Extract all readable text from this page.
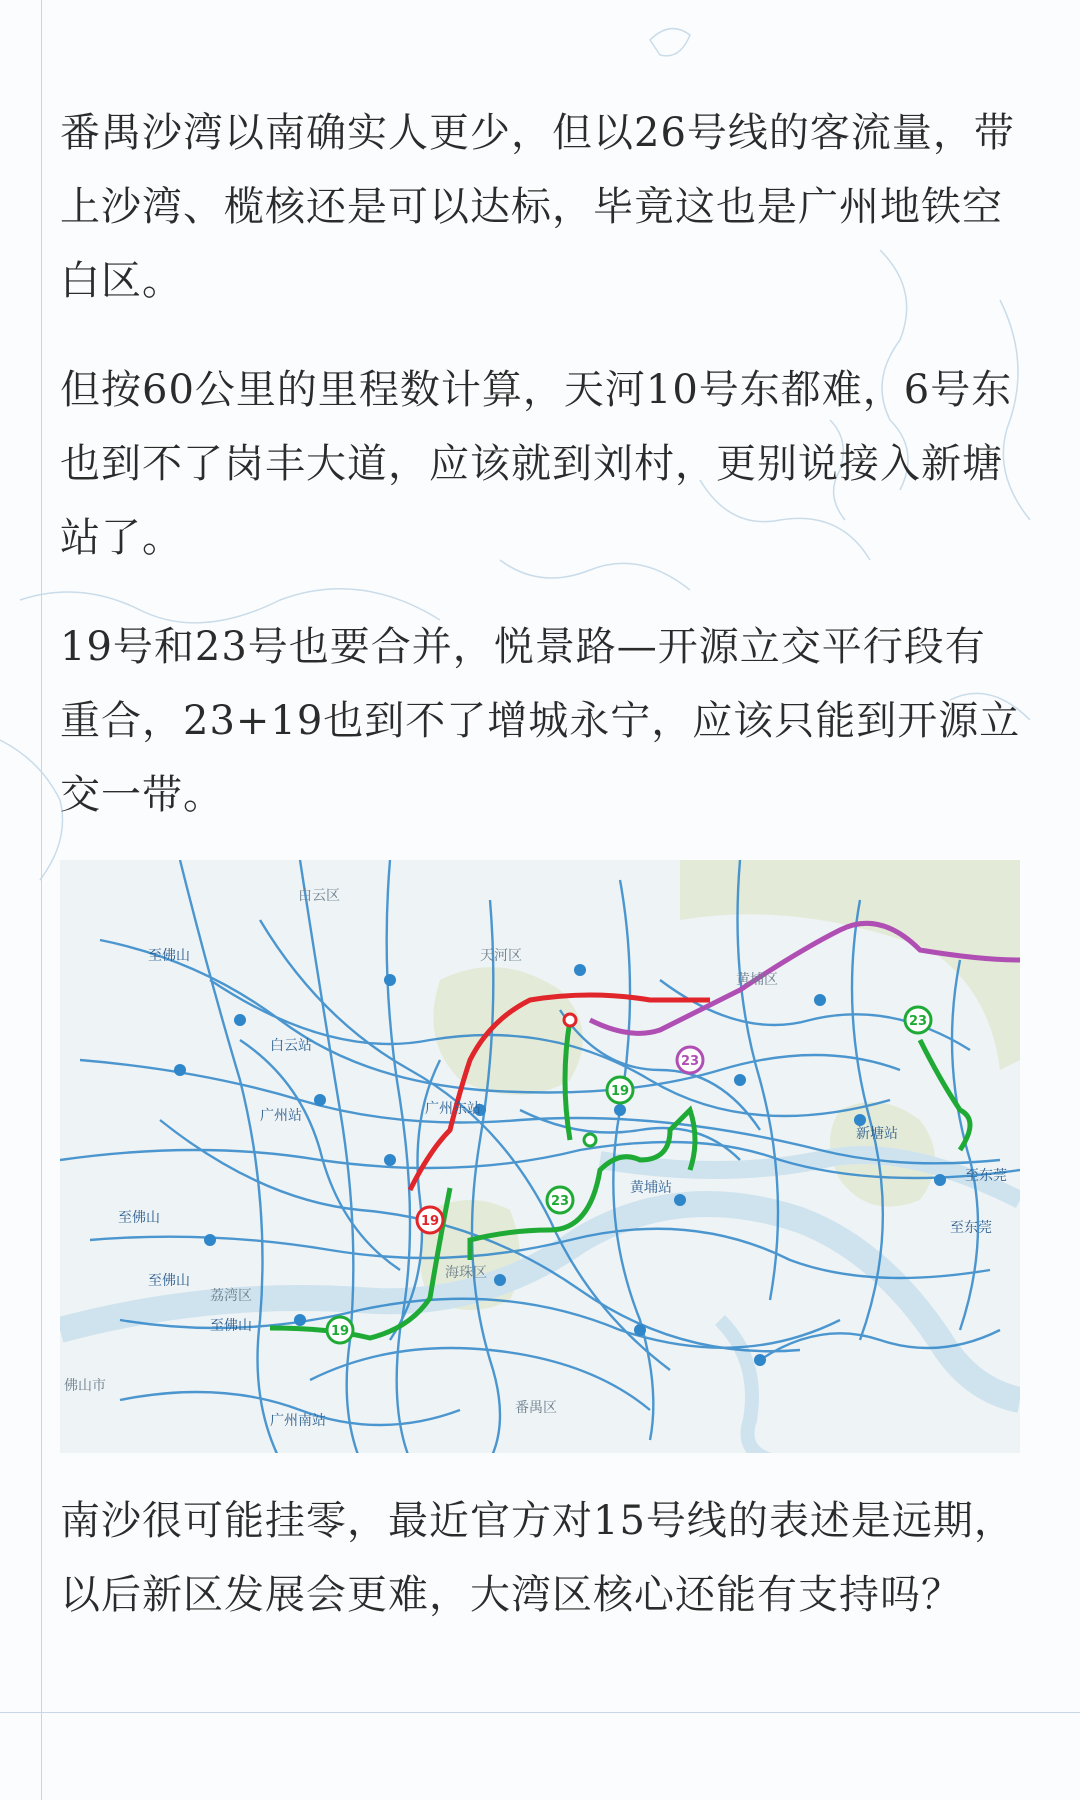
番禺沙湾以南确实人更少，但以26号线的客流量，带上沙湾、榄核还是可以达标，毕竟这也是广州地铁空白区。

但按60公里的里程数计算，天河10号东都难，6号东也到不了岗丰大道，应该就到刘村，更别说接入新塘站了。

19号和23号也要合并，悦景路—开源立交平行段有重合，23+19也到不了增城永宁，应该只能到开源立交一带。

19
19
19
23
23
23
白云区
天河区
黄埔区
海珠区
荔湾区
番禺区
佛山市
白云站
广州站	广州东站
黄埔站
新塘站
广州南站
至佛山
至佛山
至佛山
至佛山
至东莞
至东莞

南沙很可能挂零，最近官方对15号线的表述是远期，以后新区发展会更难，大湾区核心还能有支持吗？
